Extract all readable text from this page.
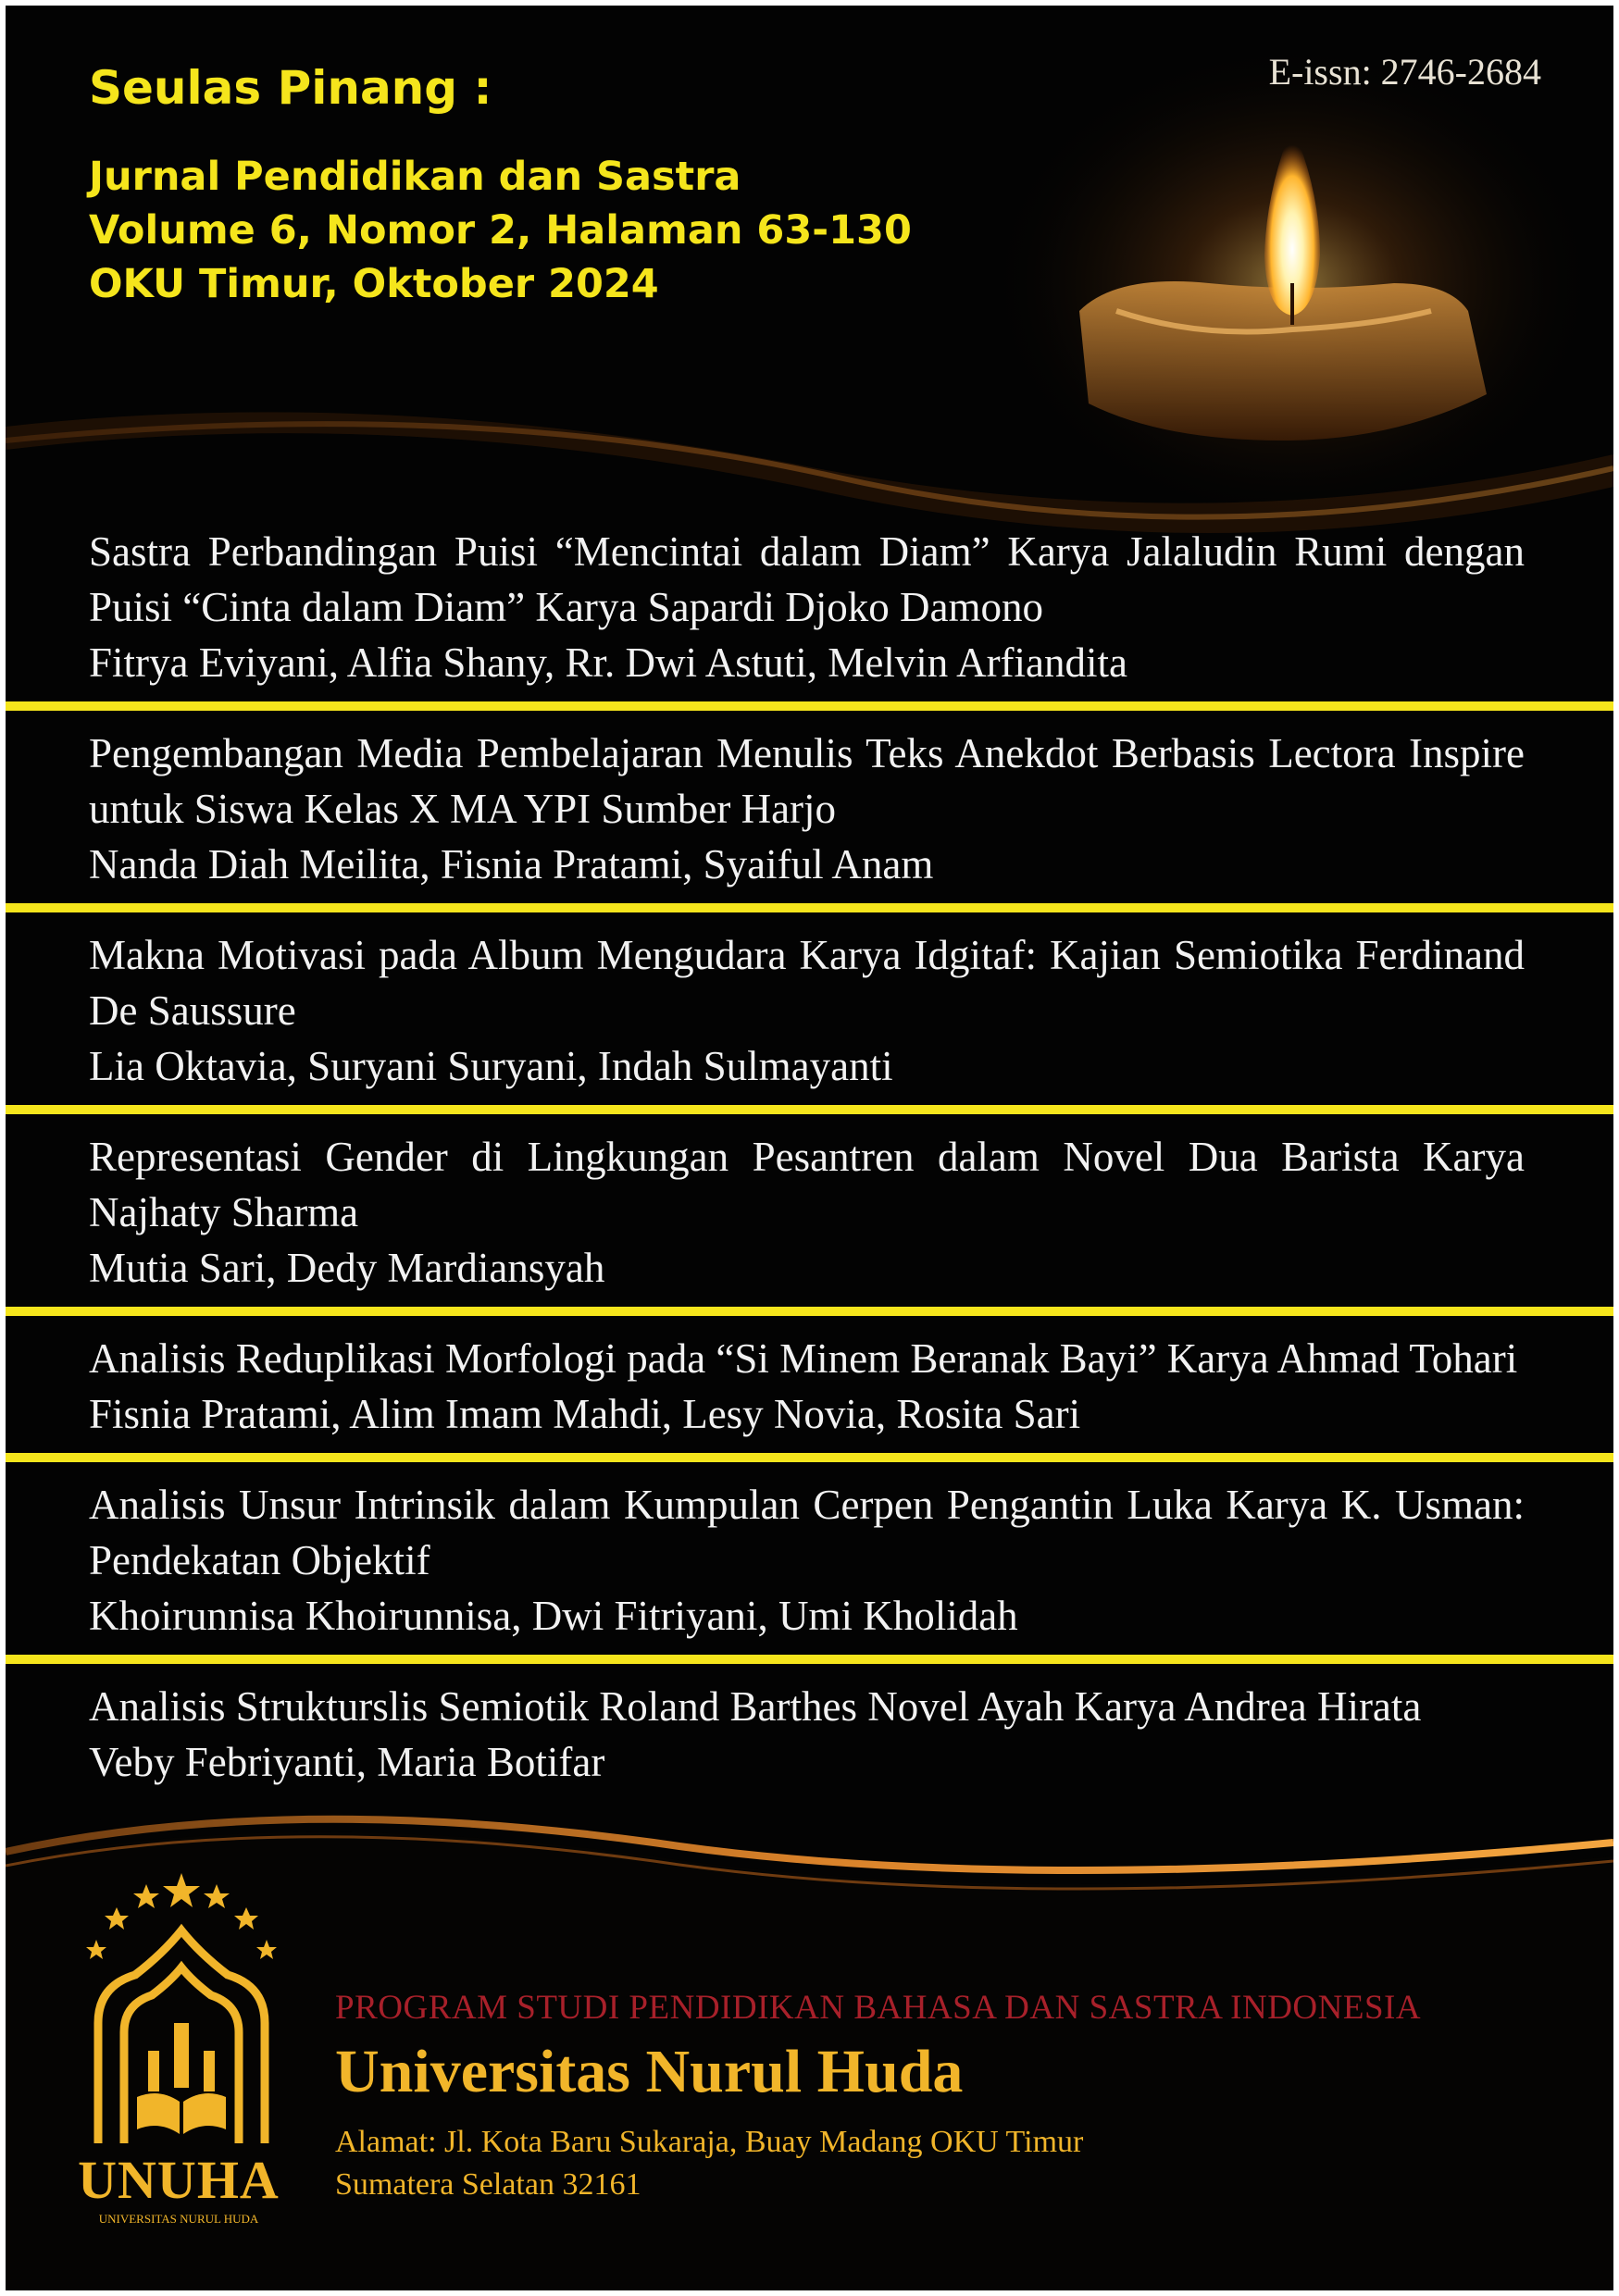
Seulas Pinang :
Jurnal Pendidikan dan Sastra
Volume 6, Nomor 2, Halaman 63-130
OKU Timur, Oktober 2024
E-issn: 2746-2684

Sastra Perbandingan Puisi “Mencintai dalam Diam” Karya Jalaludin Rumi dengan Puisi “Cinta dalam Diam” Karya Sapardi Djoko Damono

Fitrya Eviyani, Alfia Shany, Rr. Dwi Astuti, Melvin Arfiandita

Pengembangan Media Pembelajaran Menulis Teks Anekdot Berbasis Lectora Inspire untuk Siswa Kelas X MA YPI Sumber Harjo

Nanda Diah Meilita, Fisnia Pratami, Syaiful Anam

Makna Motivasi pada Album Mengudara Karya Idgitaf: Kajian Semiotika Ferdinand De Saussure

Lia Oktavia, Suryani Suryani, Indah Sulmayanti

Representasi Gender di Lingkungan Pesantren dalam Novel Dua Barista Karya Najhaty Sharma

Mutia Sari, Dedy Mardiansyah

Analisis Reduplikasi Morfologi pada “Si Minem Beranak Bayi” Karya Ahmad Tohari

Fisnia Pratami, Alim Imam Mahdi, Lesy Novia, Rosita Sari

Analisis Unsur Intrinsik dalam Kumpulan Cerpen Pengantin Luka Karya K. Usman: Pendekatan Objektif

Khoirunnisa Khoirunnisa, Dwi Fitriyani, Umi Kholidah

Analisis Strukturslis Semiotik Roland Barthes Novel Ayah Karya Andrea Hirata

Veby Febriyanti, Maria Botifar

UNUHA
UNIVERSITAS NURUL HUDA
PROGRAM STUDI PENDIDIKAN BAHASA DAN SASTRA INDONESIA
Universitas Nurul Huda
Alamat: Jl. Kota Baru Sukaraja, Buay Madang OKU Timur
Sumatera Selatan 32161
